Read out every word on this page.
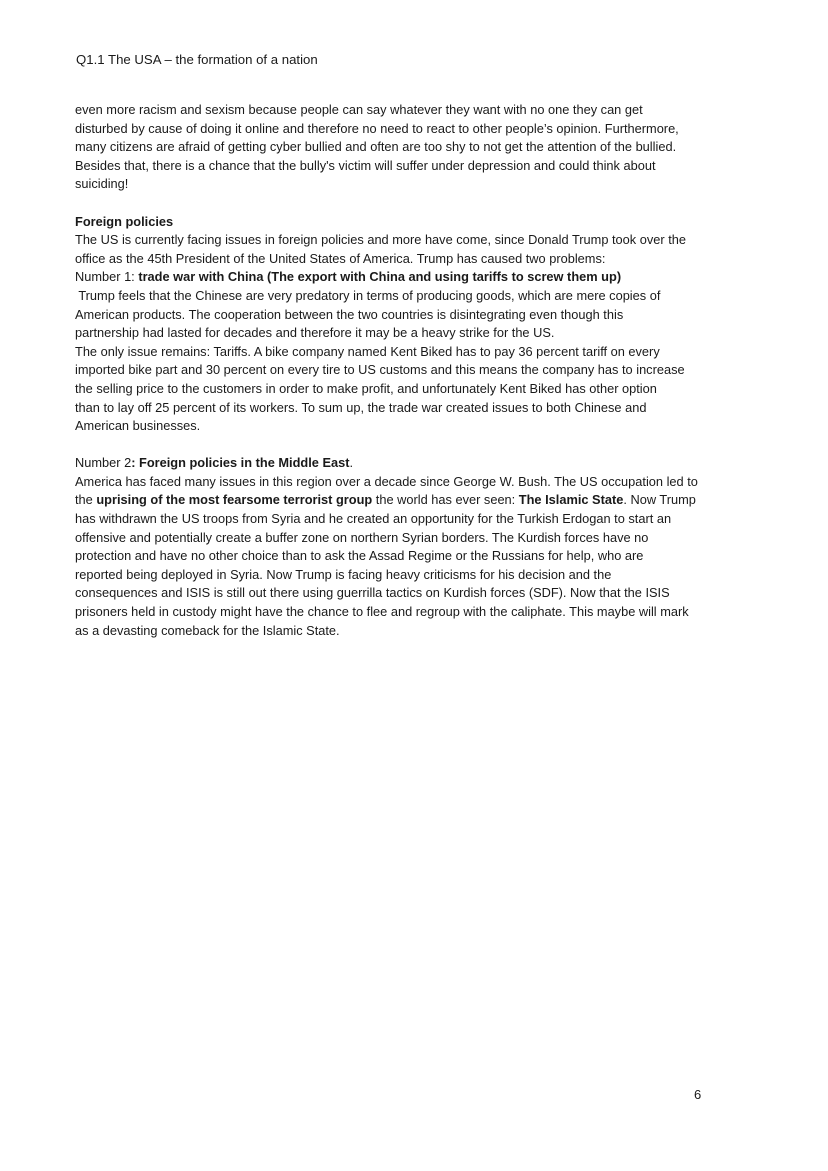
Q1.1 The USA – the formation of a nation

even more racism and sexism because people can say whatever they want with no one they can get
disturbed by cause of doing it online and therefore no need to react to other people’s opinion. Furthermore,
many citizens are afraid of getting cyber bullied and often are too shy to not get the attention of the bullied.
Besides that, there is a chance that the bully's victim will suffer under depression and could think about
suiciding!

Foreign policies
The US is currently facing issues in foreign policies and more have come, since Donald Trump took over the
office as the 45th President of the United States of America. Trump has caused two problems:
Number 1: trade war with China (The export with China and using tariffs to screw them up)
Trump feels that the Chinese are very predatory in terms of producing goods, which are mere copies of
American products. The cooperation between the two countries is disintegrating even though this
partnership had lasted for decades and therefore it may be a heavy strike for the US.
The only issue remains: Tariffs. A bike company named Kent Biked has to pay 36 percent tariff on every
imported bike part and 30 percent on every tire to US customs and this means the company has to increase
the selling price to the customers in order to make profit, and unfortunately Kent Biked has other option
than to lay off 25 percent of its workers. To sum up, the trade war created issues to both Chinese and
American businesses.

Number 2: Foreign policies in the Middle East.
America has faced many issues in this region over a decade since George W. Bush. The US occupation led to
the uprising of the most fearsome terrorist group the world has ever seen: The Islamic State. Now Trump
has withdrawn the US troops from Syria and he created an opportunity for the Turkish Erdogan to start an
offensive and potentially create a buffer zone on northern Syrian borders. The Kurdish forces have no
protection and have no other choice than to ask the Assad Regime or the Russians for help, who are
reported being deployed in Syria. Now Trump is facing heavy criticisms for his decision and the
consequences and ISIS is still out there using guerrilla tactics on Kurdish forces (SDF). Now that the ISIS
prisoners held in custody might have the chance to flee and regroup with the caliphate. This maybe will mark
as a devasting comeback for the Islamic State.

6
